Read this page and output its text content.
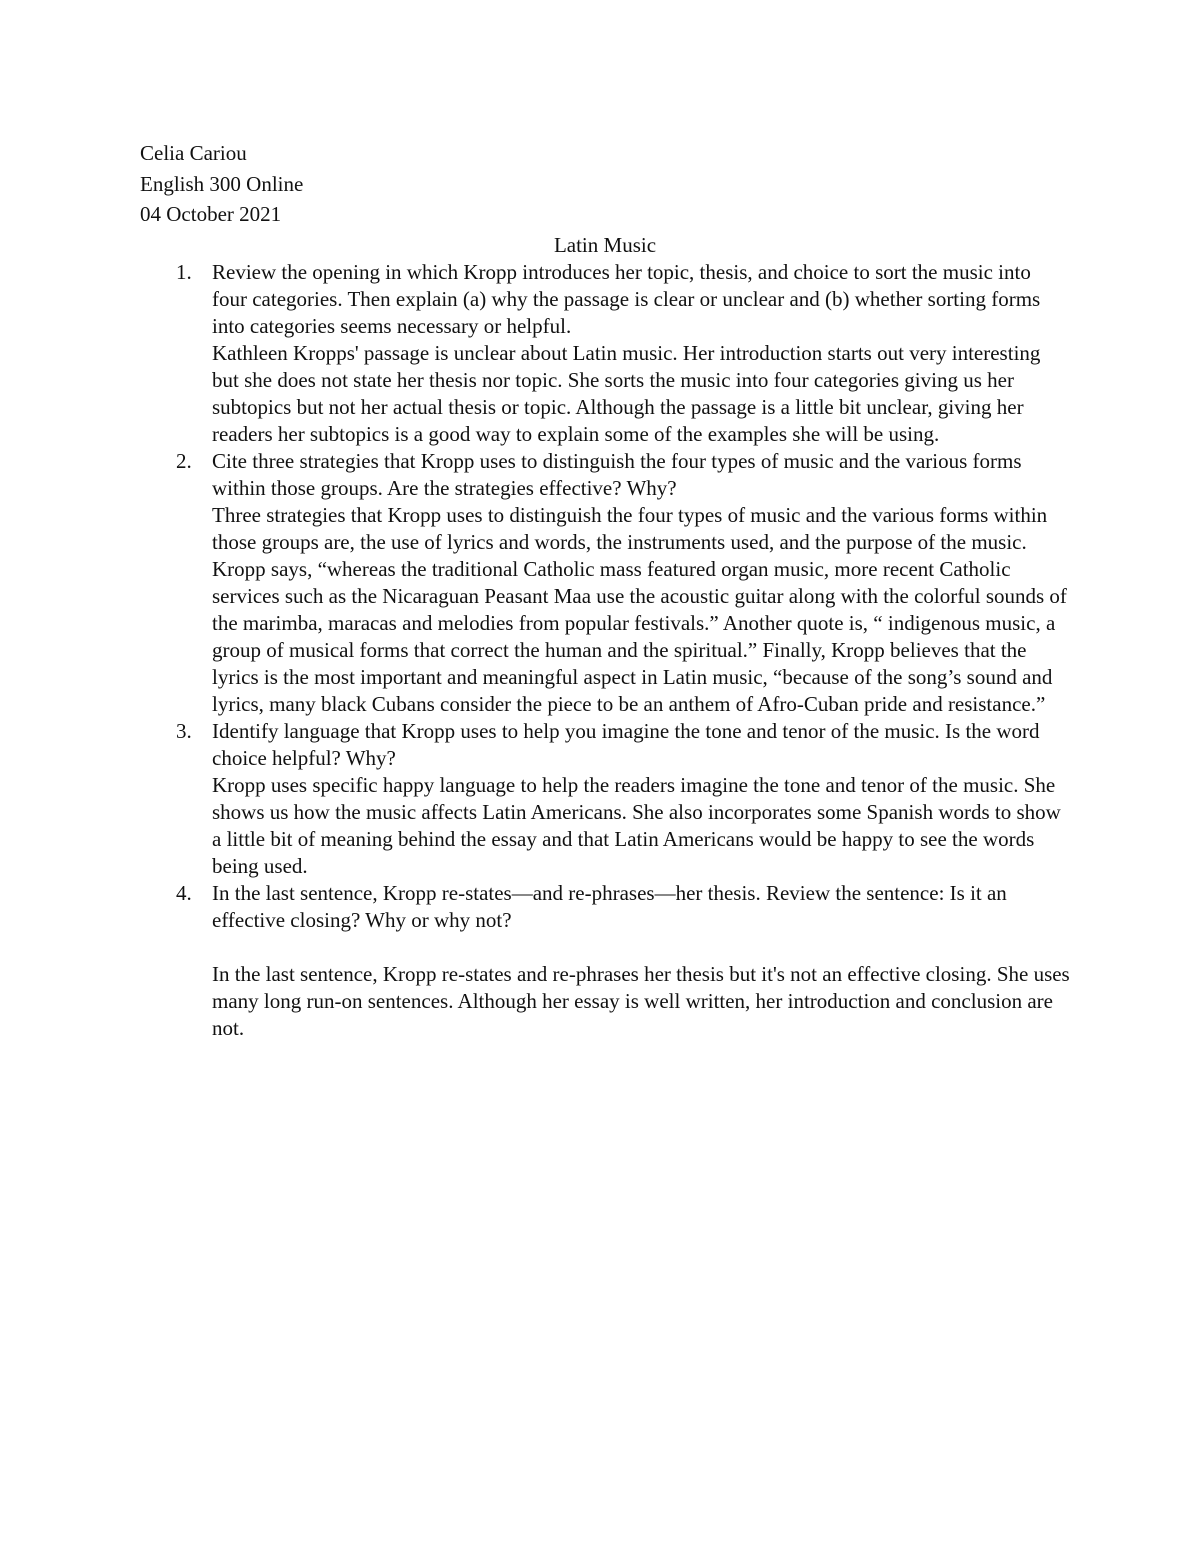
Celia Cariou
English 300 Online
04 October 2021
Latin Music
1. Review the opening in which Kropp introduces her topic, thesis, and choice to sort the music into four categories. Then explain (a) why the passage is clear or unclear and (b) whether sorting forms into categories seems necessary or helpful.

Kathleen Kropps' passage is unclear about Latin music. Her introduction starts out very interesting but she does not state her thesis nor topic. She sorts the music into four categories giving us her subtopics but not her actual thesis or topic. Although the passage is a little bit unclear, giving her readers her subtopics is a good way to explain some of the examples she will be using.

2. Cite three strategies that Kropp uses to distinguish the four types of music and the various forms within those groups. Are the strategies effective? Why?

Three strategies that Kropp uses to distinguish the four types of music and the various forms within those groups are, the use of lyrics and words, the instruments used, and the purpose of the music. Kropp says, “whereas the traditional Catholic mass featured organ music, more recent Catholic services such as the Nicaraguan Peasant Maa use the acoustic guitar along with the colorful sounds of the marimba, maracas and melodies from popular festivals.” Another quote is, “ indigenous music, a group of musical forms that correct the human and the spiritual.” Finally, Kropp believes that the lyrics is the most important and meaningful aspect in Latin music, “because of the song’s sound and lyrics, many black Cubans consider the piece to be an anthem of Afro-Cuban pride and resistance.”

3. Identify language that Kropp uses to help you imagine the tone and tenor of the music. Is the word choice helpful? Why?

Kropp uses specific happy language to help the readers imagine the tone and tenor of the music. She shows us how the music affects Latin Americans. She also incorporates some Spanish words to show a little bit of meaning behind the essay and that Latin Americans would be happy to see the words being used.

4. In the last sentence, Kropp re-states—and re-phrases—her thesis. Review the sentence: Is it an effective closing? Why or why not?

In the last sentence, Kropp re-states and re-phrases her thesis but it's not an effective closing. She uses many long run-on sentences. Although her essay is well written, her introduction and conclusion are not.
